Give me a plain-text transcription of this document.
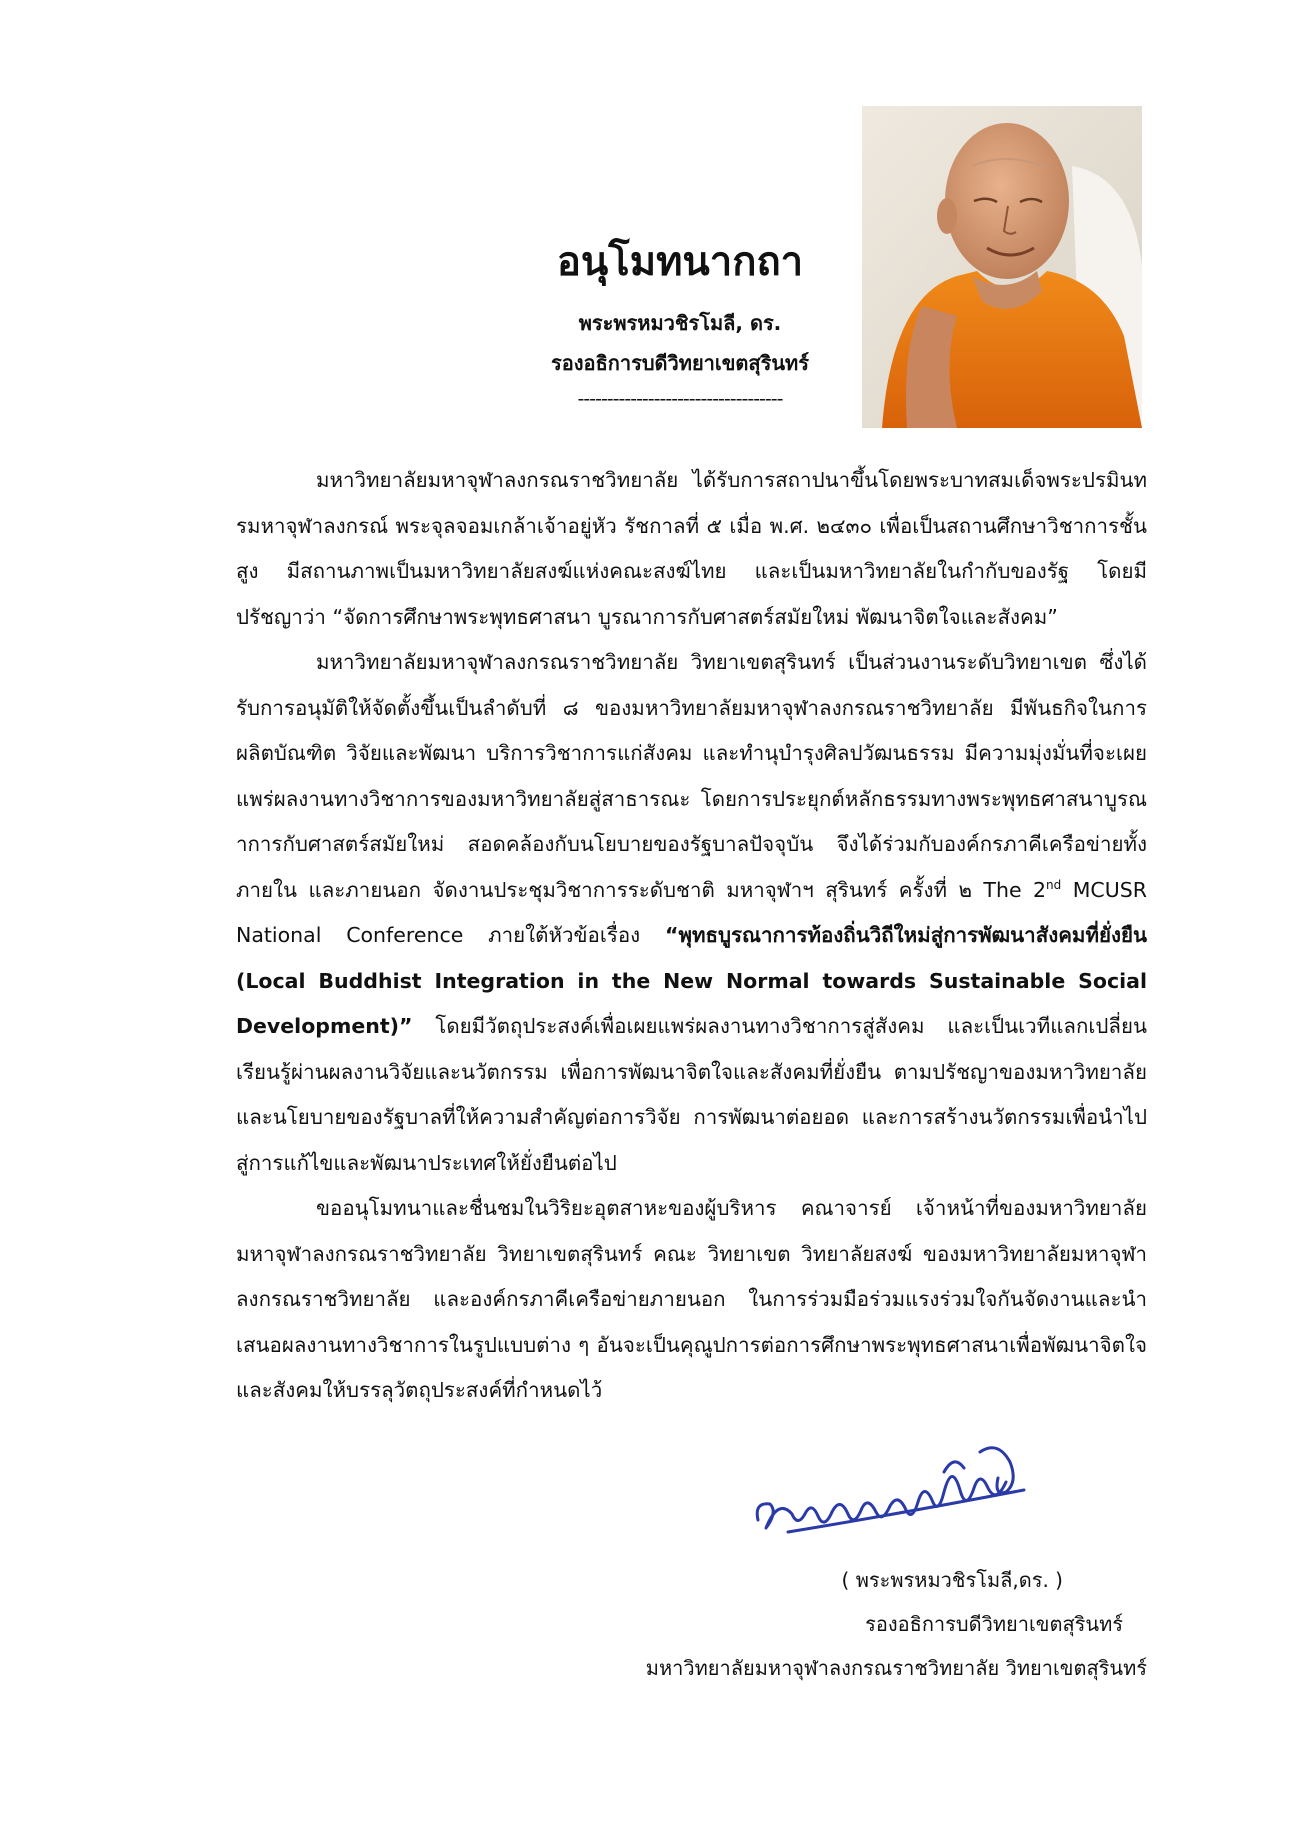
อนุโมทนากถา
พระพรหมวชิรโมลี, ดร.
รองอธิการบดีวิทยาเขตสุรินทร์
-----------------------------------

มหาวิทยาลัยมหาจุฬาลงกรณราชวิทยาลัย ได้รับการสถาปนาขึ้นโดยพระบาทสมเด็จพระปรมินทรมหาจุฬาลงกรณ์ พระจุลจอมเกล้าเจ้าอยู่หัว รัชกาลที่ ๕ เมื่อ พ.ศ. ๒๔๓๐ เพื่อเป็นสถานศึกษาวิชาการชั้นสูง มีสถานภาพเป็นมหาวิทยาลัยสงฆ์แห่งคณะสงฆ์ไทย และเป็นมหาวิทยาลัยในกำกับของรัฐ โดยมีปรัชญาว่า “จัดการศึกษาพระพุทธศาสนา บูรณาการกับศาสตร์สมัยใหม่ พัฒนาจิตใจและสังคม”

มหาวิทยาลัยมหาจุฬาลงกรณราชวิทยาลัย วิทยาเขตสุรินทร์ เป็นส่วนงานระดับวิทยาเขต ซึ่งได้รับการอนุมัติให้จัดตั้งขึ้นเป็นลำดับที่ ๘ ของมหาวิทยาลัยมหาจุฬาลงกรณราชวิทยาลัย มีพันธกิจในการผลิตบัณฑิต วิจัยและพัฒนา บริการวิชาการแก่สังคม และทำนุบำรุงศิลปวัฒนธรรม มีความมุ่งมั่นที่จะเผยแพร่ผลงานทางวิชาการของมหาวิทยาลัยสู่สาธารณะ โดยการประยุกต์หลักธรรมทางพระพุทธศาสนาบูรณาการกับศาสตร์สมัยใหม่ สอดคล้องกับนโยบายของรัฐบาลปัจจุบัน จึงได้ร่วมกับองค์กรภาคีเครือข่ายทั้งภายใน และภายนอก จัดงานประชุมวิชาการระดับชาติ มหาจุฬาฯ สุรินทร์ ครั้งที่ ๒ The 2nd MCUSR National Conference ภายใต้หัวข้อเรื่อง “พุทธบูรณาการท้องถิ่นวิถีใหม่สู่การพัฒนาสังคมที่ยั่งยืน (Local Buddhist Integration in the New Normal towards Sustainable Social Development)” โดยมีวัตถุประสงค์เพื่อเผยแพร่ผลงานทางวิชาการสู่สังคม และเป็นเวทีแลกเปลี่ยนเรียนรู้ผ่านผลงานวิจัยและนวัตกรรม เพื่อการพัฒนาจิตใจและสังคมที่ยั่งยืน ตามปรัชญาของมหาวิทยาลัยและนโยบายของรัฐบาลที่ให้ความสำคัญต่อการวิจัย การพัฒนาต่อยอด และการสร้างนวัตกรรมเพื่อนำไปสู่การแก้ไขและพัฒนาประเทศให้ยั่งยืนต่อไป

ขออนุโมทนาและชื่นชมในวิริยะอุตสาหะของผู้บริหาร คณาจารย์ เจ้าหน้าที่ของมหาวิทยาลัยมหาจุฬาลงกรณราชวิทยาลัย วิทยาเขตสุรินทร์ คณะ วิทยาเขต วิทยาลัยสงฆ์ ของมหาวิทยาลัยมหาจุฬาลงกรณราชวิทยาลัย และองค์กรภาคีเครือข่ายภายนอก ในการร่วมมือร่วมแรงร่วมใจกันจัดงานและนำเสนอผลงานทางวิชาการในรูปแบบต่าง ๆ อันจะเป็นคุณูปการต่อการศึกษาพระพุทธศาสนาเพื่อพัฒนาจิตใจและสังคมให้บรรลุวัตถุประสงค์ที่กำหนดไว้

( พระพรหมวชิรโมลี,ดร. )

รองอธิการบดีวิทยาเขตสุรินทร์

มหาวิทยาลัยมหาจุฬาลงกรณราชวิทยาลัย วิทยาเขตสุรินทร์
